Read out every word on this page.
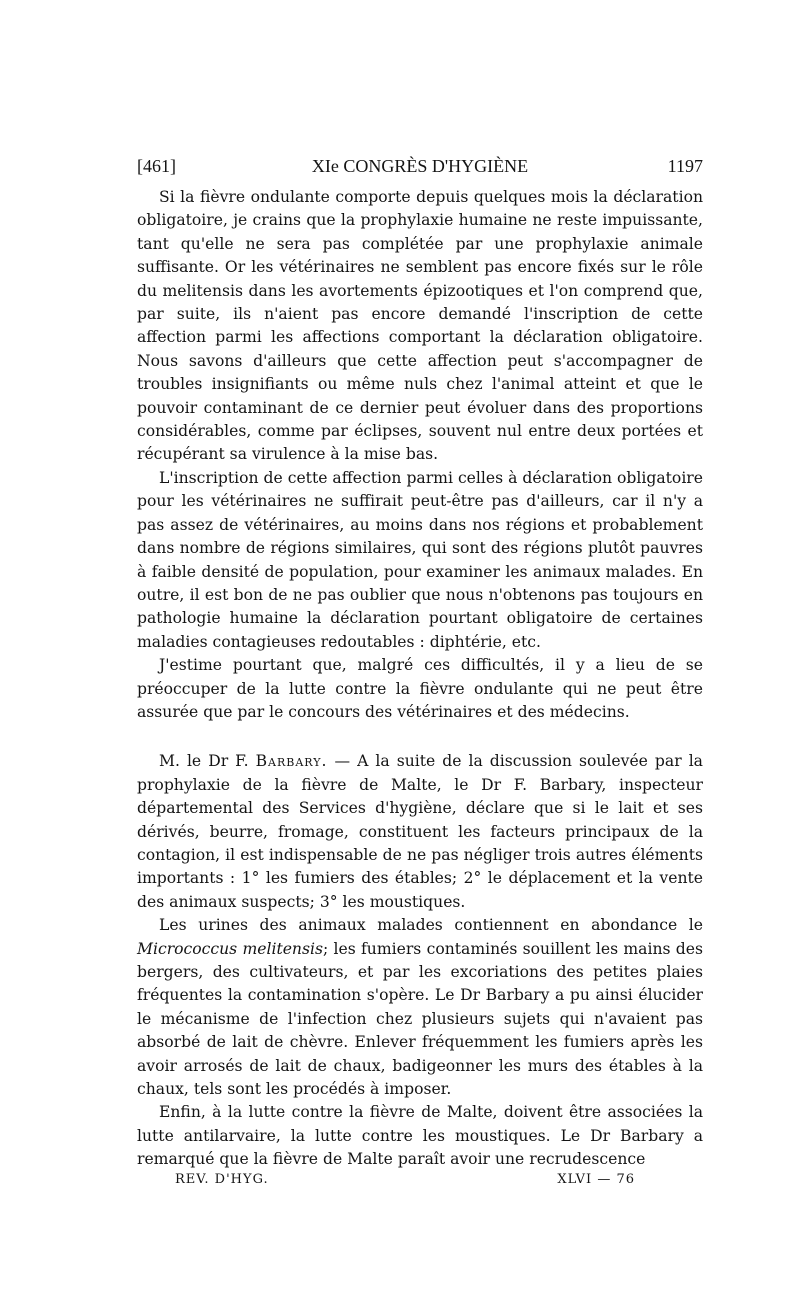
[461]	XIe CONGRÈS D'HYGIÈNE	1197

Si la fièvre ondulante comporte depuis quelques mois la déclaration obligatoire, je crains que la prophylaxie humaine ne reste impuissante, tant qu'elle ne sera pas complétée par une prophylaxie animale suffisante. Or les vétérinaires ne semblent pas encore fixés sur le rôle du melitensis dans les avortements épizootiques et l'on comprend que, par suite, ils n'aient pas encore demandé l'inscription de cette affection parmi les affections comportant la déclaration obligatoire. Nous savons d'ailleurs que cette affection peut s'accompagner de troubles insignifiants ou même nuls chez l'animal atteint et que le pouvoir contaminant de ce dernier peut évoluer dans des proportions considérables, comme par éclipses, souvent nul entre deux portées et récupérant sa virulence à la mise bas.

L'inscription de cette affection parmi celles à déclaration obligatoire pour les vétérinaires ne suffirait peut-être pas d'ailleurs, car il n'y a pas assez de vétérinaires, au moins dans nos régions et probablement dans nombre de régions similaires, qui sont des régions plutôt pauvres à faible densité de population, pour examiner les animaux malades. En outre, il est bon de ne pas oublier que nous n'obtenons pas toujours en pathologie humaine la déclaration pourtant obligatoire de certaines maladies contagieuses redoutables : diphtérie, etc.

J'estime pourtant que, malgré ces difficultés, il y a lieu de se préoccuper de la lutte contre la fièvre ondulante qui ne peut être assurée que par le concours des vétérinaires et des médecins.

M. le Dr F. Barbary. — A la suite de la discussion soulevée par la prophylaxie de la fièvre de Malte, le Dr F. Barbary, inspecteur départemental des Services d'hygiène, déclare que si le lait et ses dérivés, beurre, fromage, constituent les facteurs principaux de la contagion, il est indispensable de ne pas négliger trois autres éléments importants : 1° les fumiers des étables; 2° le déplacement et la vente des animaux suspects; 3° les moustiques.

Les urines des animaux malades contiennent en abondance le Micrococcus melitensis; les fumiers contaminés souillent les mains des bergers, des cultivateurs, et par les excoriations des petites plaies fréquentes la contamination s'opère. Le Dr Barbary a pu ainsi élucider le mécanisme de l'infection chez plusieurs sujets qui n'avaient pas absorbé de lait de chèvre. Enlever fréquemment les fumiers après les avoir arrosés de lait de chaux, badigeonner les murs des étables à la chaux, tels sont les procédés à imposer.

Enfin, à la lutte contre la fièvre de Malte, doivent être associées la lutte antilarvaire, la lutte contre les moustiques. Le Dr Barbary a remarqué que la fièvre de Malte paraît avoir une recrudescence

REV. D'HYG.	XLVI — 76
